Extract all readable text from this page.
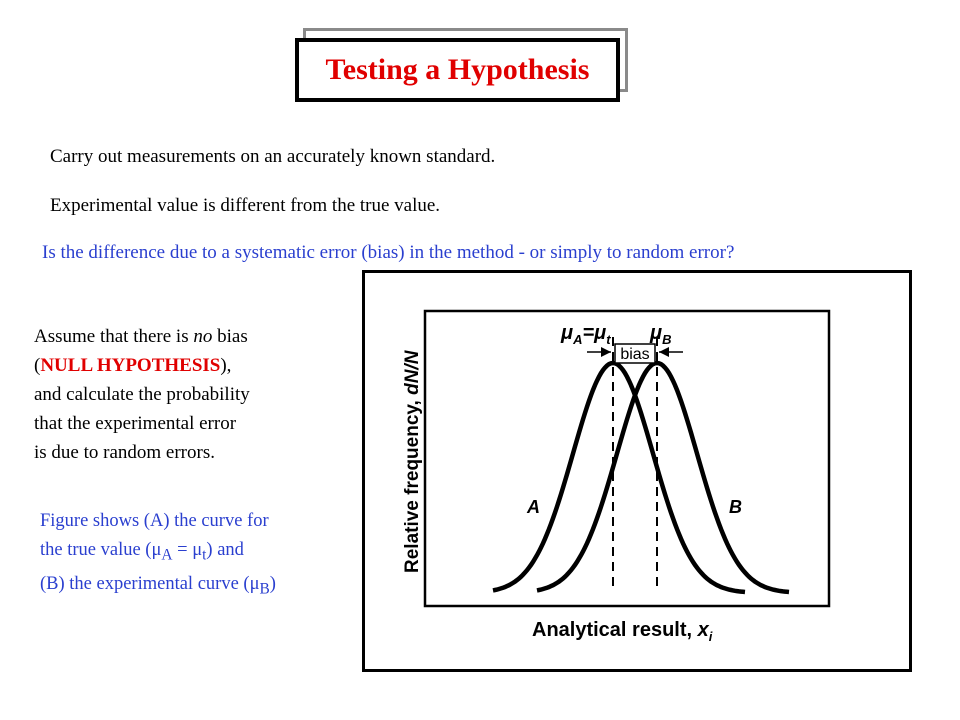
Testing a Hypothesis
Carry out measurements on an accurately known standard.
Experimental value is different from the true value.
Is the difference due to a systematic error (bias) in the method - or simply to random error?
Assume that there is no bias
(NULL HYPOTHESIS),
and calculate the probability
that the experimental error
is due to random errors.
Figure shows (A) the curve for
the true value $(\mu_A = \mu_t)$ and
(B) the experimental curve $(\mu_B)$
bias
$\mu_A=\mu_t$ $\mu_B$
A	B
Relative frequency, dN/N
Analytical result, $x_i$
